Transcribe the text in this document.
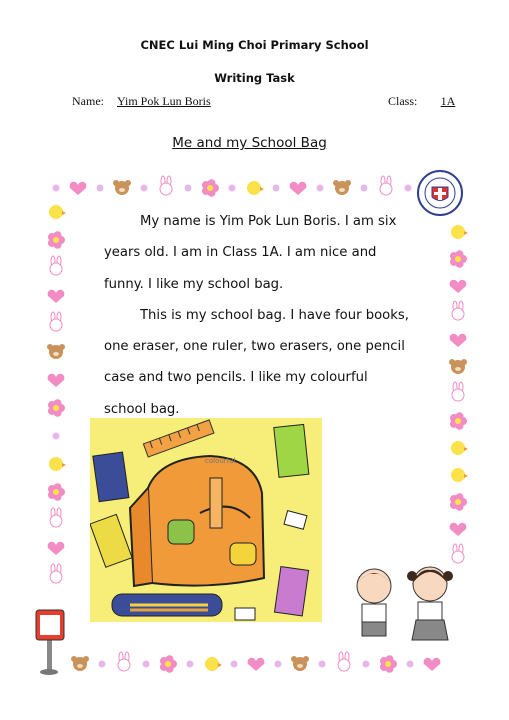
CNEC Lui Ming Choi Primary School
Writing Task
Name:	Yim Pok Lun Boris	Class:	1A
Me and my School Bag

My name is Yim Pok Lun Boris. I am six years old. I am in Class 1A. I am nice and funny. I like my school bag.

This is my school bag. I have four books, one eraser, one ruler, two erasers, one pencil case and two pencils. I like my colourful school bag.

colourful
